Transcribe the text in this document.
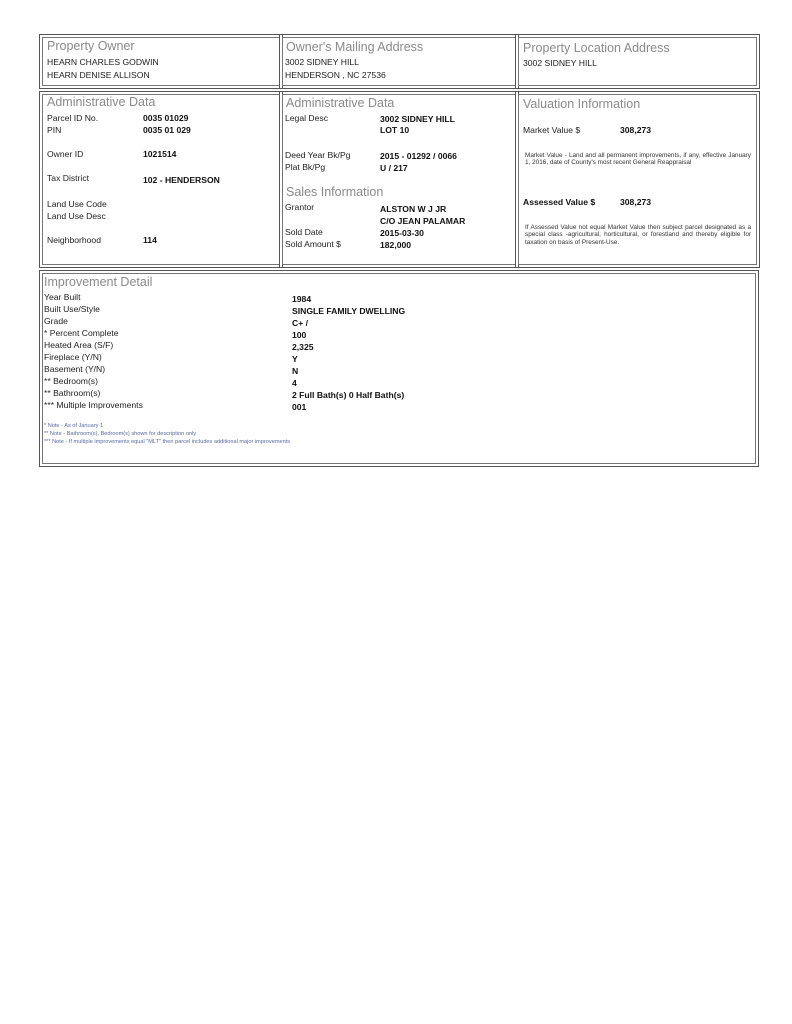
Property Owner
HEARN CHARLES GODWIN
HEARN DENISE ALLISON
Owner's Mailing Address
3002 SIDNEY HILL
HENDERSON , NC 27536
Property Location Address
3002 SIDNEY HILL
Administrative Data
Parcel ID No.	0035 01029
PIN	0035 01 029
Owner ID	1021514
Tax District	102 - HENDERSON
Land Use Code
Land Use Desc
Neighborhood	114
Administrative Data
Legal Desc	3002 SIDNEY HILL
LOT 10
Deed Year Bk/Pg	2015 - 01292 / 0066
Plat Bk/Pg	U / 217
Sales Information
Grantor	ALSTON W J JR
C/O JEAN PALAMAR
Sold Date	2015-03-30
Sold Amount $	182,000
Valuation Information
Market Value $	308,273
Market Value - Land and all permanent improvements, if any, effective January 1, 2016, date of County's most recent General Reappraisal
Assessed Value $	308,273
If Assessed Value not equal Market Value then subject parcel designated as a special class -agricultural, horticultural, or forestland and thereby eligible for taxation on basis of Present-Use.
Improvement Detail
Year Built	1984
Built Use/Style	SINGLE FAMILY DWELLING
Grade	C+ /
* Percent Complete	100
Heated Area (S/F)	2,325
Fireplace (Y/N)	Y
Basement (Y/N)	N
** Bedroom(s)	4
** Bathroom(s)	2 Full Bath(s) 0 Half Bath(s)
*** Multiple Improvements	001
* Note - As of January 1
** Note - Bathroom(s), Bedroom(s) shown for description only
*** Note - If multiple improvements equal "MLT" then parcel includes additional major improvements
